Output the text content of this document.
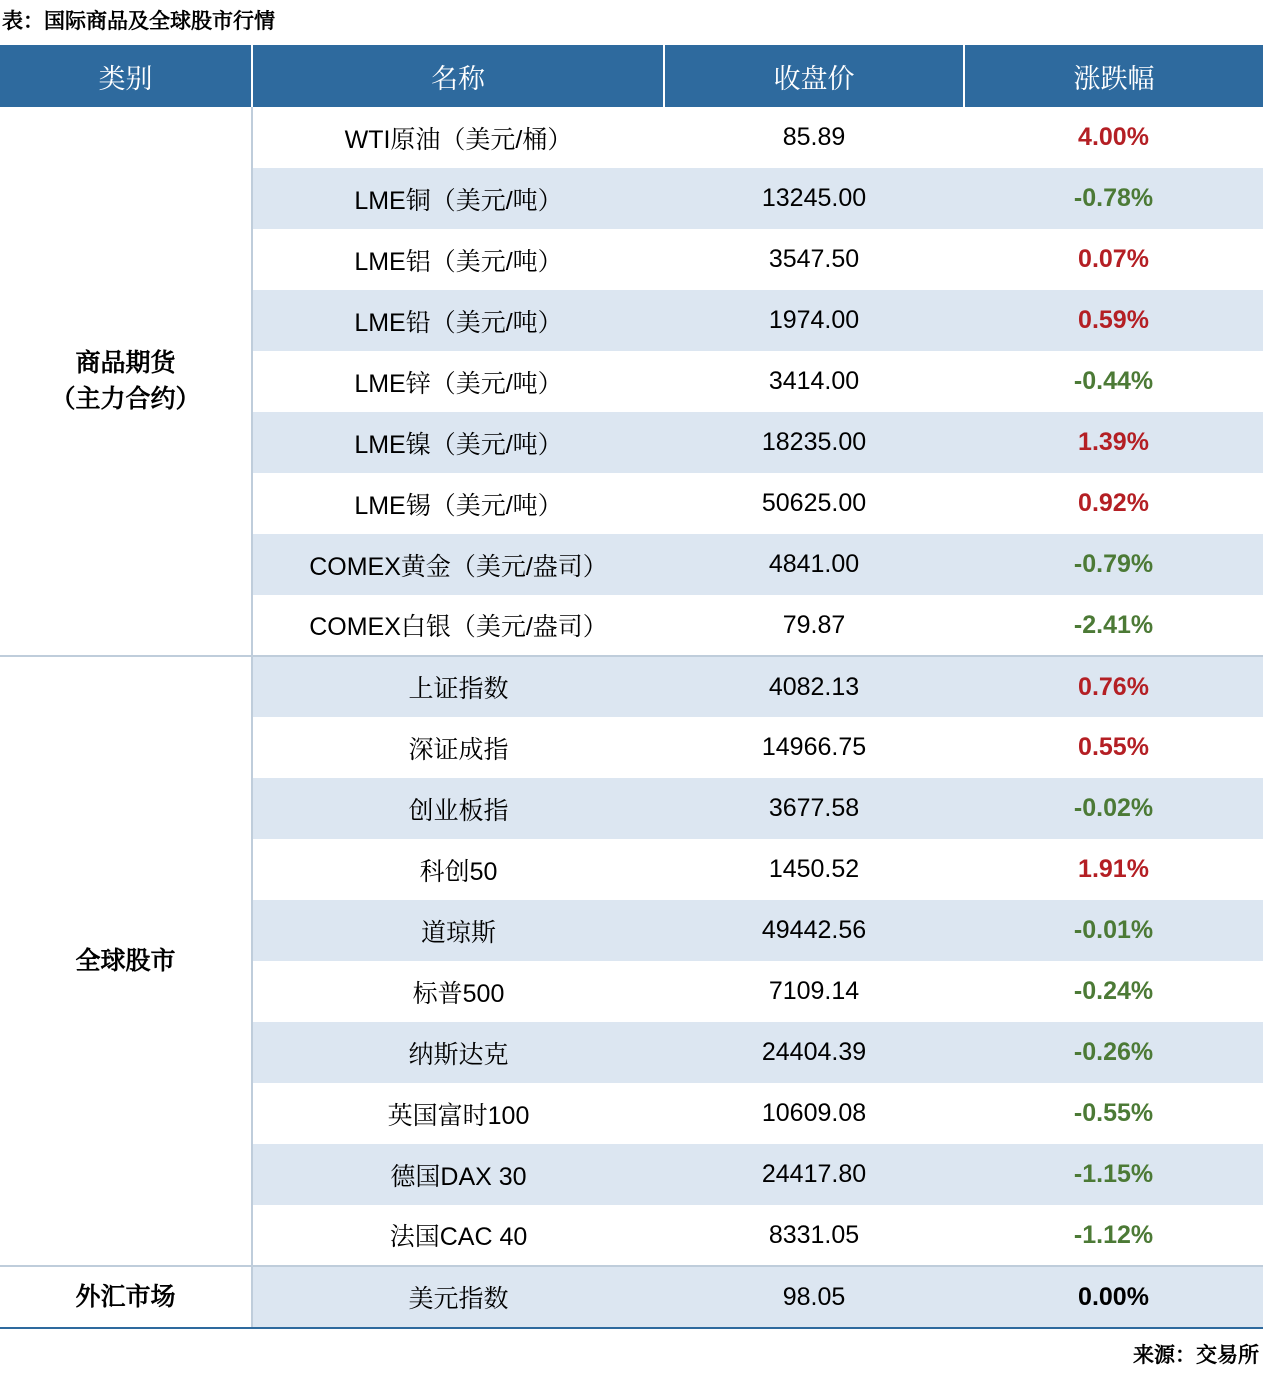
表：国际商品及全球股市行情
类别	名称	收盘价	涨跌幅

商品期货
（主力合约）	WTI原油（美元/桶）	85.89	4.00%
	LME铜（美元/吨）	13245.00	-0.78%
	LME铝（美元/吨）	3547.50	0.07%
	LME铅（美元/吨）	1974.00	0.59%
	LME锌（美元/吨）	3414.00	-0.44%
	LME镍（美元/吨）	18235.00	1.39%
	LME锡（美元/吨）	50625.00	0.92%
	COMEX黄金（美元/盎司）	4841.00	-0.79%
	COMEX白银（美元/盎司）	79.87	-2.41%
全球股市	上证指数	4082.13	0.76%
	深证成指	14966.75	0.55%
	创业板指	3677.58	-0.02%
	科创50	1450.52	1.91%
	道琼斯	49442.56	-0.01%
	标普500	7109.14	-0.24%
	纳斯达克	24404.39	-0.26%
	英国富时100	10609.08	-0.55%
	德国DAX 30	24417.80	-1.15%
	法国CAC 40	8331.05	-1.12%
外汇市场	美元指数	98.05	0.00%
来源：交易所
